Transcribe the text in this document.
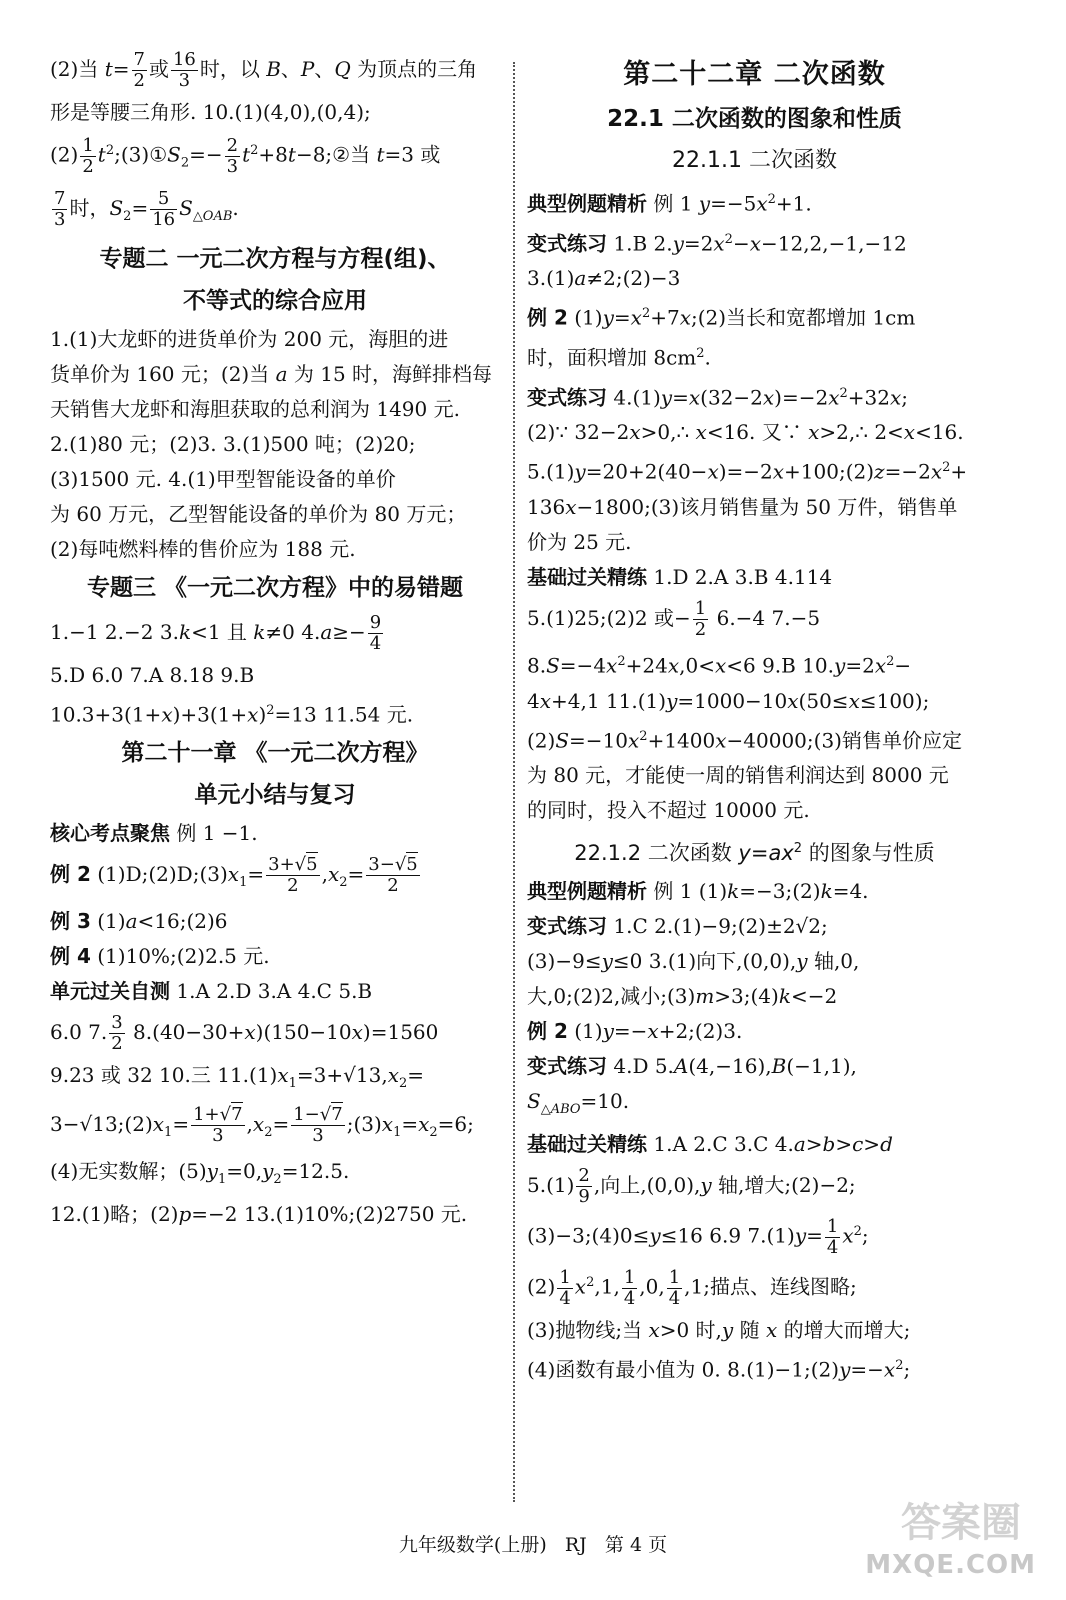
(2)当 $t= \frac{7}{2}$ 或 $\frac{16}{3}$ 时，以 B、P、Q 为顶点的三角
形是等腰三角形. 10.(1)(4,0),(0,4);
$(2) \frac{1}{2}$ $t^2;(3)①S_2=- \frac{2}{3}$ $t^2+8t-8;②$当 t=3 或
$\frac{7}{3}$ 时，$S_2= \frac{5}{16} S_{\triangle OAB}$.
专题二 一元二次方程与方程(组)、
不等式的综合应用
1.(1)大龙虾的进货单价为 200 元，海胆的进
货单价为 160 元；(2)当 a 为 15 时，海鲜排档每
天销售大龙虾和海胆获取的总利润为 1490 元.
2.(1)80 元；(2)3. 3.(1)500 吨；(2)20;
(3)1500 元. 4.(1)甲型智能设备的单价
为 60 万元，乙型智能设备的单价为 80 万元；
(2)每吨燃料棒的售价应为 188 元.
专题三 《一元二次方程》中的易错题
1.−1 2.−2 3.k<1 且 k≠0 $4.a\ge- \frac{9}{4}$
5.D 6.0 7.A 8.18 9.B
$10.3+3(1+x)+3(1+x)^2=13$ 11.54 元.
第二十一章 《一元二次方程》
单元小结与复习
核心考点聚焦 例 1 −1.
例 2 $(1)D;(2)D;(3)x_1= \frac{3+√5}{2} ,x_2= \frac{3-√5}{2}$
例 3 (1)a<16;(2)6
例 4 (1)10%;(2)2.5 元.
单元过关自测 1.A 2.D 3.A 4.C 5.B
6.0 7. $\frac{3}{2} 8.(40-30+x)(150-10x)=1560$
9.23 或 32 10.三 $11.(1)x_1=3+√13,x_2=$
$3-√13;(2)x_1= \frac{1+√7}{3} ,x_2= \frac{1-√7}{3}$ $;(3)x_1=x_2=6$;
(4)无实数解；$(5)y_1=0,y_2=12.5$.
12.(1)略；(2)p=−2 13.(1)10%;(2)2750 元.
第二十二章 二次函数
22.1 二次函数的图象和性质
22.1.1 二次函数
典型例题精析 例 1 $y=-5x^2+1$.
变式练习 1.B $2.y=2x^2-x-12,2,-1,-12$
3.(1)a≠2;(2)−3
例 2 $(1)y=x^2+7x;(2)$当长和宽都增加 1cm
时，面积增加 $8cm^2$.
变式练习 $4.(1)y=x(32-2x)=-2x^2+32x$;
(2)∵ 32−2x>0,∴ x<16. 又∵ x>2,∴ 2<x<16.
$5.(1)y=20+2(40-x)=-2x+100;(2)z=-2x^2+$
136x−1800;(3)该月销售量为 50 万件，销售单
价为 25 元.
基础过关精练 1.D 2.A 3.B 4.114
5.(1)25;(2)2 或− $\frac{1}{2} 6.-4$ 7.−5
$8.S=-4x^2+24x,0<x<6$ 9.B $10.y=2x^2-$
4x+4,1 11.(1)y=1000−10x(50≤x≤100);
$(2)S=-10x^2+1400x-40000;(3)$销售单价应定
为 80 元，才能使一周的销售利润达到 8000 元
的同时，投入不超过 10000 元.
22.1.2 二次函数 $y=ax^2$ 的图象与性质
典型例题精析 例 1 (1)k=−3;(2)k=4.
变式练习 1.C 2.(1)−9;(2)±2√2;
(3)−9≤y≤0 3.(1)向下,(0,0),y 轴,0,
大,0;(2)2,减小;(3)m>3;(4)k<−2
例 2 (1)y=−x+2;(2)3.
变式练习 4.D 5.A(4,−16),B(−1,1),
$S_{\triangle ABO}=10$.
基础过关精练 1.A 2.C 3.C 4.a>b>c>d
$5.(1) \frac{2}{9}$ ,向上,(0,0),y 轴,增大;(2)−2;
(3)−3;(4)0≤y≤16 6.9 $7.(1)y= \frac{1}{4} x^2$;
$(2) \frac{1}{4} x^2,1$, $\frac{1}{4} ,0$, $\frac{1}{4} ,1$;描点、连线图略;
(3)抛物线;当 x>0 时,y 随 x 的增大而增大;
(4)函数有最小值为 0. $8.(1)-1;(2)y=-x^2$;
九年级数学(上册)   RJ   第 4 页	答案圈
MXQE.COM
